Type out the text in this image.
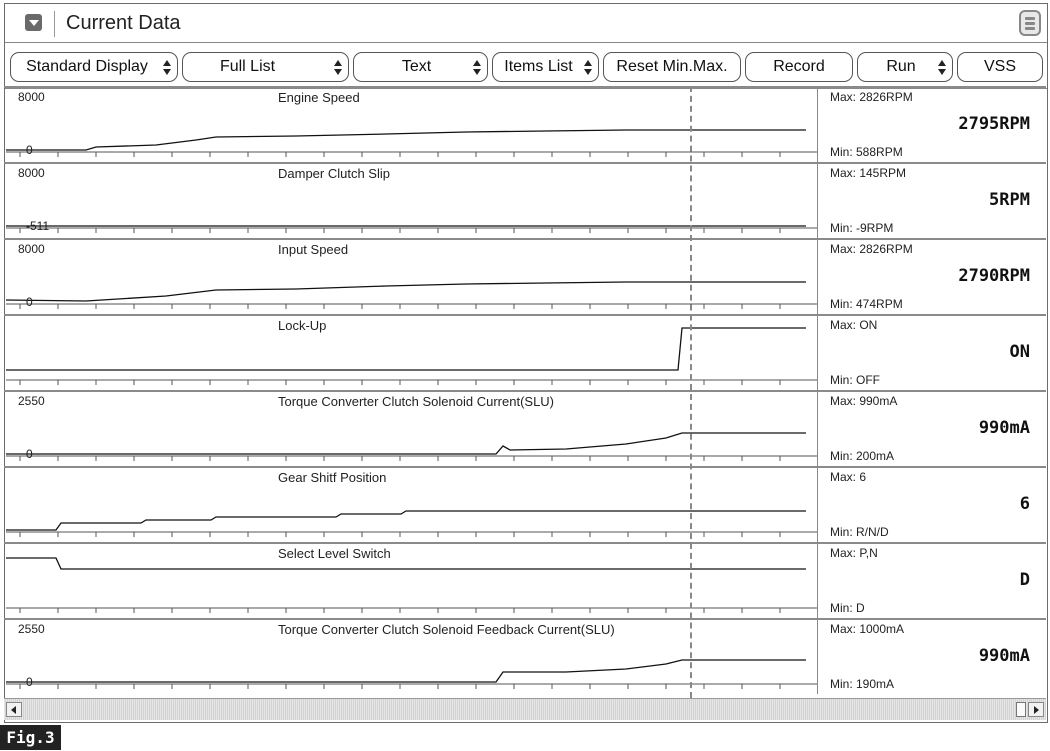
Current Data
Standard Display	Full List	Text	Items List	Reset Min.Max.	Record	Run	VSS
8000
0
Engine Speed	Max: 2826RPM
2795RPM
Min: 588RPM
8000
-511
Damper Clutch Slip	Max: 145RPM
5RPM
Min: -9RPM
8000
0
Input Speed	Max: 2826RPM
2790RPM
Min: 474RPM
Lock-Up	Max: ON
ON
Min: OFF
2550
0
Torque Converter Clutch Solenoid Current(SLU)	Max: 990mA
990mA
Min: 200mA
Gear Shitf Position	Max: 6
6
Min: R/N/D
Select Level Switch	Max: P,N
D
Min: D
2550
0
Torque Converter Clutch Solenoid Feedback Current(SLU)	Max: 1000mA
990mA
Min: 190mA
Fig.3
